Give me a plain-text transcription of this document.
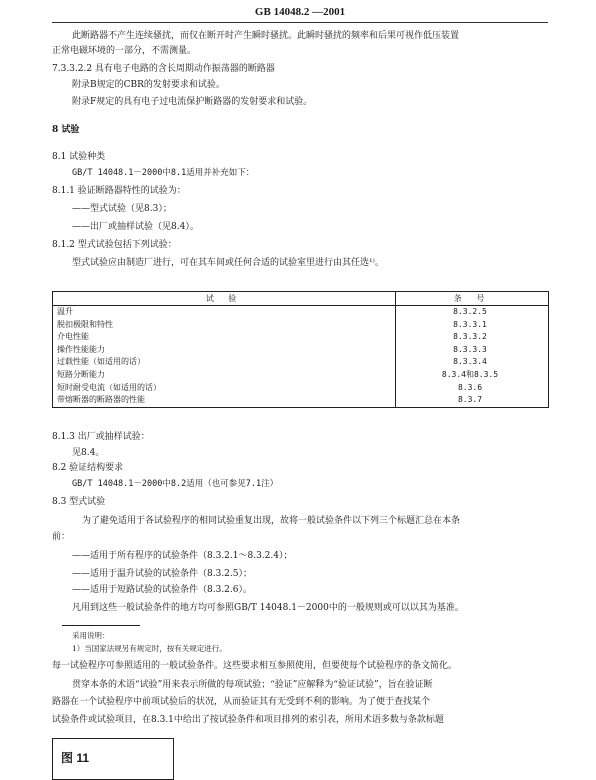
GB 14048.2 —2001
此断路器不产生连续骚扰，而仅在断开时产生瞬时骚扰。此瞬时骚扰的频率和后果可视作低压装置
正常电磁环境的一部分，不需测量。
7.3.3.2.2 具有电子电路的含长周期动作振荡器的断路器
附录B规定的CBR的发射要求和试验。
附录F规定的具有电子过电流保护断路器的发射要求和试验。
8 试验
8.1 试验种类
GB/T 14048.1－2000中8.1适用并补充如下：
8.1.1 验证断路器特性的试验为：
——型式试验（见8.3）；
——出厂或抽样试验（见8.4）。
8.1.2 型式试验包括下列试验：
型式试验应由制造厂进行，可在其车间或任何合适的试验室里进行由其任选¹⁾。
试 验	条 号
温升	8.3.2.5
脱扣极限和特性	8.3.3.1
介电性能	8.3.3.2
操作性能能力	8.3.3.3
过载性能（如适用的话）	8.3.3.4
短路分断能力	8.3.4和8.3.5
短时耐受电流（如适用的话）	8.3.6
带熔断器的断路器的性能	8.3.7
8.1.3 出厂或抽样试验：
见8.4。
8.2 验证结构要求
GB/T 14048.1－2000中8.2适用（也可参见7.1注）
8.3 型式试验
为了避免适用于各试验程序的相同试验重复出现，故将一般试验条件以下列三个标题汇总在本条
前：
——适用于所有程序的试验条件（8.3.2.1～8.3.2.4）；
——适用于温升试验的试验条件（8.3.2.5）；
——适用于短路试验的试验条件（8.3.2.6）。
凡用到这些一般试验条件的地方均可参照GB/T 14048.1－2000中的一般规则或可以以其为基准。
采用说明：
1）当国家法规另有规定时，按有关规定进行。
每一试验程序可参照适用的一般试验条件。这些要求相互参照使用，但要使每个试验程序的条文简化。
贯穿本条的术语“试验”用来表示所做的每项试验；“验证”应解释为“验证试验”，旨在验证断
路器在一个试验程序中前项试验后的状况，从而验证其有无受到不利的影响。为了便于查找某个
试验条件或试验项目，在8.3.1中给出了按试验条件和项目排列的索引表，所用术语多数与条款标题
图 11
